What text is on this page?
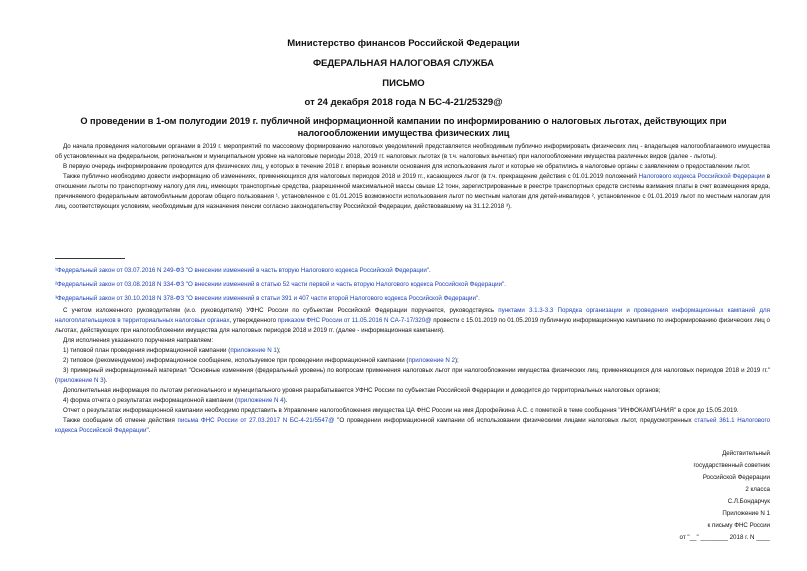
Министерство финансов Российской Федерации
ФЕДЕРАЛЬНАЯ НАЛОГОВАЯ СЛУЖБА
ПИСЬМО
от 24 декабря 2018 года N БС-4-21/25329@
О проведении в 1-ом полугодии 2019 г. публичной информационной кампании по информированию о налоговых льготах, действующих при налогообложении имущества физических лиц

До начала проведения налоговыми органами в 2019 г. мероприятий по массовому формированию налоговых уведомлений представляется необходимым публично информировать физических лиц - владельцев налогооблагаемого имущества об установленных на федеральном, региональном и муниципальном уровне на налоговые периоды 2018, 2019 гг. налоговых льготах (в т.ч. налоговых вычетах) при налогообложении имущества различных видов (далее - льготы).

В первую очередь информирование проводится для физических лиц, у которых в течение 2018 г. впервые возникли основания для использования льгот и которые не обратились в налоговые органы с заявлением о предоставлении льгот.

Также публично необходимо довести информацию об изменениях, применяющихся для налоговых периодов 2018 и 2019 гг., касающихся льгот (в т.ч. прекращение действия с 01.01.2019 положений Налогового кодекса Российской Федерации в отношении льготы по транспортному налогу для лиц, имеющих транспортные средства, разрешенной максимальной массы свыше 12 тонн, зарегистрированные в реестре транспортных средств системы взимания платы в счет возмещения вреда, причиняемого федеральным автомобильным дорогам общего пользования ¹, установленное с 01.01.2015 возможности использования льгот по местным налогам для детей-инвалидов ², установленное с 01.01.2019 льгот по местным налогам для лиц, соответствующих условиям, необходимым для назначения пенсии согласно законодательству Российской Федерации, действовавшему на 31.12.2018 ³).

¹Федеральный закон от 03.07.2016 N 249-ФЗ "О внесении изменений в часть вторую Налогового кодекса Российской Федерации".
²Федеральный закон от 03.08.2018 N 334-ФЗ "О внесении изменений в статью 52 части первой и часть вторую Налогового кодекса Российской Федерации".
³Федеральный закон от 30.10.2018 N 378-ФЗ "О внесении изменений в статьи 391 и 407 части второй Налогового кодекса Российской Федерации".

С учетом изложенного руководителям (и.о. руководителя) УФНС России по субъектам Российской Федерации поручается, руководствуясь пунктами 3.1.3-3.3 Порядка организации и проведения информационных кампаний для налогоплательщиков в территориальных налоговых органах, утвержденного приказом ФНС России от 11.05.2016 N СА-7-17/320@ провести с 15.01.2019 по 01.05.2019 публичную информационную кампанию по информированию физических лиц о льготах, действующих при налогообложении имущества для налоговых периодов 2018 и 2019 гг. (далее - информационная кампания).

Для исполнения указанного поручения направляем:

1) типовой план проведения информационной кампании (приложение N 1);

2) типовое (рекомендуемое) информационное сообщение, используемое при проведении информационной кампании (приложение N 2);

3) примерный информационный материал "Основные изменения (федеральный уровень) по вопросам применения налоговых льгот при налогообложении имущества физических лиц, применяющихся для налоговых периодов 2018 и 2019 гг." (приложение N 3).

Дополнительная информация по льготам регионального и муниципального уровня разрабатывается УФНС России по субъектам Российской Федерации и доводится до территориальных налоговых органов;

4) форма отчета о результатах информационной кампании (приложение N 4).

Отчет о результатах информационной кампании необходимо представить в Управление налогообложения имущества ЦА ФНС России на имя Дорофейкина А.С. с пометкой в теме сообщения "ИНФОКАМПАНИЯ" в срок до 15.05.2019.

Также сообщаем об отмене действия письма ФНС России от 27.03.2017 N БС-4-21/5547@ "О проведении информационной кампании об использовании физическими лицами налоговых льгот, предусмотренных статьей 361.1 Налогового кодекса Российской Федерации".

Действительный
государственный советник
Российской Федерации
2 класса
С.Л.Бондарчук
Приложение N 1
к письму ФНС России
от "__" ________ 2018 г. N ____
